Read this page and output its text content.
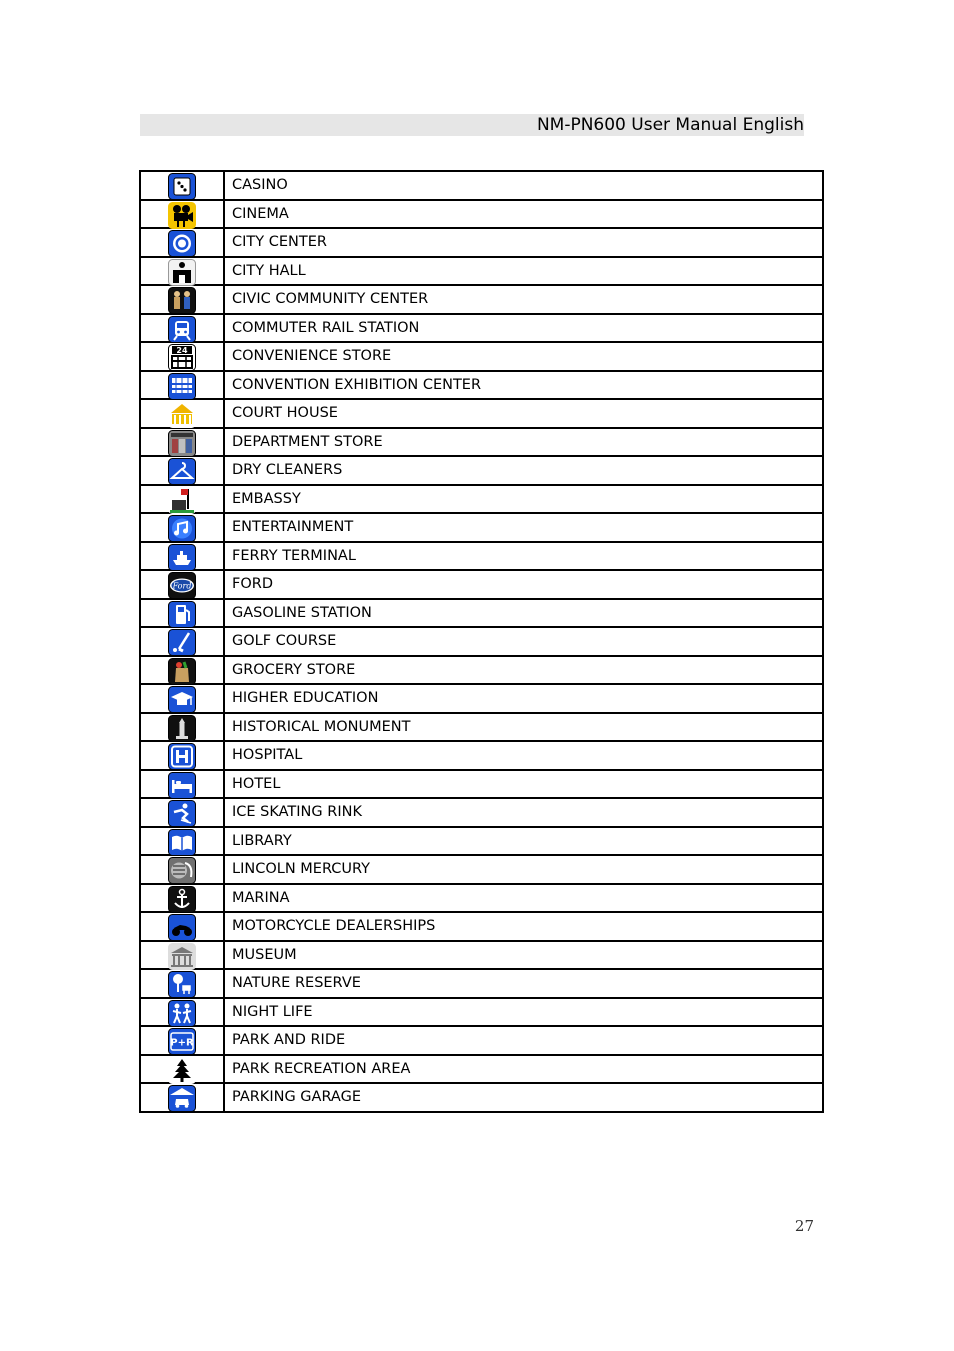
NM-PN600 User Manual English
	CASINO

	CINEMA

	CITY CENTER

	CITY HALL

	CIVIC COMMUNITY CENTER

	COMMUTER RAIL STATION

24	CONVENIENCE STORE

	CONVENTION EXHIBITION CENTER

	COURT HOUSE

	DEPARTMENT STORE

	DRY CLEANERS

	EMBASSY

	ENTERTAINMENT

	FERRY TERMINAL

Ford	FORD

	GASOLINE STATION

	GOLF COURSE

	GROCERY STORE

	HIGHER EDUCATION

	HISTORICAL MONUMENT

	HOSPITAL

	HOTEL

	ICE SKATING RINK

	LIBRARY

	LINCOLN MERCURY

	MARINA

	MOTORCYCLE DEALERSHIPS

	MUSEUM

	NATURE RESERVE

	NIGHT LIFE

P+R	PARK AND RIDE

	PARK RECREATION AREA

	PARKING GARAGE
27
